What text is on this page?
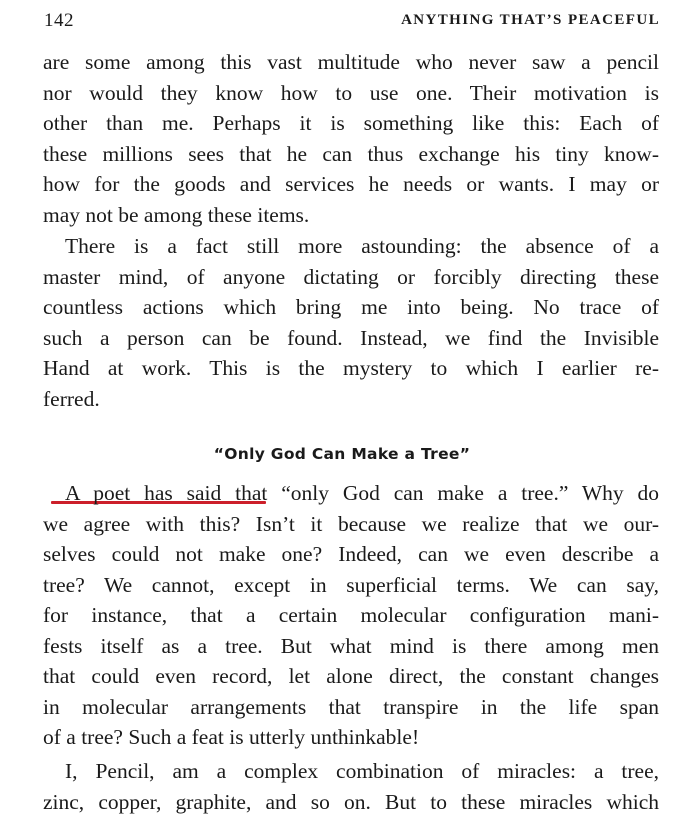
142	ANYTHING THAT’S PEACEFUL
are some among this vast multitude who never saw a pencil
nor would they know how to use one. Their motivation is
other than me. Perhaps it is something like this: Each of
these millions sees that he can thus exchange his tiny know-
how for the goods and services he needs or wants. I may or
may not be among these items.
There is a fact still more astounding: the absence of a
master mind, of anyone dictating or forcibly directing these
countless actions which bring me into being. No trace of
such a person can be found. Instead, we find the Invisible
Hand at work. This is the mystery to which I earlier re-
ferred.
“Only God Can Make a Tree”
A poet has said that “only God can make a tree.” Why do
we agree with this? Isn’t it because we realize that we our-
selves could not make one? Indeed, can we even describe a
tree? We cannot, except in superficial terms. We can say,
for instance, that a certain molecular configuration mani-
fests itself as a tree. But what mind is there among men
that could even record, let alone direct, the constant changes
in molecular arrangements that transpire in the life span
of a tree? Such a feat is utterly unthinkable!
I, Pencil, am a complex combination of miracles: a tree,
zinc, copper, graphite, and so on. But to these miracles which
